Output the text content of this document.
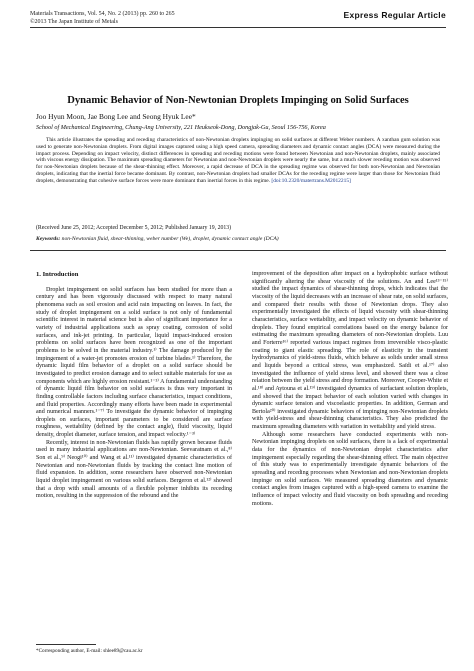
Materials Transactions, Vol. 54, No. 2 (2013) pp. 260 to 265
©2013 The Japan Institute of Metals
Express Regular Article
Dynamic Behavior of Non-Newtonian Droplets Impinging on Solid Surfaces
Joo Hyun Moon, Jae Bong Lee and Seong Hyuk Lee*
School of Mechanical Engineering, Chung-Ang University, 221 Heukseok-Dong, Dongjak-Gu, Seoul 156-756, Korea
This article illustrates the spreading and receding characteristics of non-Newtonian droplets impinging on solid surfaces at different Weber numbers. A xanthan gum solution was used to generate non-Newtonian droplets. From digital images captured using a high speed camera, spreading diameters and dynamic contact angles (DCA) were measured during the impact process. Depending on impact velocity, distinct differences in spreading and receding motions were found between Newtonian and non-Newtonian droplets, mainly associated with viscous energy dissipation. The maximum spreading diameters for Newtonian and non-Newtonian droplets were nearly the same, but a much slower receding motion was observed for non-Newtonian droplets because of the shear-thinning effect. Moreover, a rapid decrease of DCA in the spreading regime was observed for both non-Newtonian and Newtonian droplets, indicating that the inertial force became dominant. By contrast, non-Newtonian droplets had smaller DCAs for the receding regime were larger than those for Newtonian fluid droplets, demonstrating that cohesive surface forces were more dominant than inertial forces in this regime. [doi:10.2320/matertrans.M2012215]
(Received June 25, 2012; Accepted December 5, 2012; Published January 19, 2013)
Keywords: non-Newtonian fluid, shear-thinning, weber number (We), droplet, dynamic contact angle (DCA)
1. Introduction

Droplet impingement on solid surfaces has been studied for more than a century and has been vigorously discussed with respect to many natural phenomena such as soil erosion and acid rain impacting on leaves. In fact, the study of droplet impingement on a solid surface is not only of fundamental scientific interest in material science but is also of significant importance for a variety of industrial applications such as spray coating, corrosion of solid surfaces, and ink-jet printing. In particular, liquid impact-induced erosion problems on solid surfaces have been recognized as one of the important problems to be solved in the material industry.¹⁾ The damage produced by the impingement of a water-jet promotes erosion of turbine blades.¹⁾ Therefore, the dynamic liquid film behavior of a droplet on a solid surface should be investigated to predict erosion damage and to select suitable materials for use as components which are highly erosion resistant.¹⁻³⁾ A fundamental understanding of dynamic liquid film behavior on solid surfaces is thus very important in finding controllable factors including surface characteristics, impact conditions, and fluid properties. Accordingly many efforts have been made in experimental and numerical manners.¹⁻⁷⁾ To investigate the dynamic behavior of impinging droplets on surfaces, important parameters to be considered are surface roughness, wettability (defined by the contact angle), fluid viscosity, liquid density, droplet diameter, surface tension, and impact velocity.¹⁻³⁾

Recently, interest in non-Newtonian fluids has rapidly grown because fluids used in many industrial applications are non-Newtonian. Seevaratnam et al.,⁸⁾ Son et al.,⁹⁾ Neogi¹⁰⁾ and Wang et al.¹¹⁾ investigated dynamic characteristics of Newtonian and non-Newtonian fluids by tracking the contact line motion of fluid expansion. In addition, some researchers have observed non-Newtonian liquid droplet impingement on various solid surfaces. Bergeron et al.¹²⁾ showed that a drop with small amounts of a flexible polymer inhibits its receding motion, resulting in the suppression of the rebound and the

improvement of the deposition after impact on a hydrophobic surface without significantly altering the shear viscosity of the solutions. An and Lee¹³⁻¹⁵⁾ studied the impact dynamics of shear-thinning drops, which indicates that the viscosity of the liquid decreases with an increase of shear rate, on solid surfaces, and compared their results with those of Newtonian drops. They also experimentally investigated the effects of liquid viscosity with shear-thinning characteristics, surface wettability, and impact velocity on dynamic behavior of droplets. They found empirical correlations based on the energy balance for estimating the maximum spreading diameters of non-Newtonian droplets. Luu and Forterre¹⁶⁾ reported various impact regimes from irreversible visco-plastic coating to giant elastic spreading. The role of elasticity in the transient hydrodynamics of yield-stress fluids, which behave as solids under small stress and liquids beyond a critical stress, was emphasized. Saïdi et al.¹⁷⁾ also investigated the influence of yield stress level, and showed there was a close relation between the yield stress and drop formation. Moreover, Cooper-White et al.¹⁸⁾ and Aytouna et al.¹⁹⁾ investigated dynamics of surfactant solution droplets, and showed that the impact behavior of each solution varied with changes in dynamic surface tension and viscoelastic properties. In addition, German and Bertola²⁰⁾ investigated dynamic behaviors of impinging non-Newtonian droplets with yield-stress and shear-thinning characteristics. They also predicted the maximum spreading diameters with variation in wettability and yield stress.

Although some researchers have conducted experiments with non-Newtonian impinging droplets on solid surfaces, there is a lack of experimental data for the dynamics of non-Newtonian droplet characteristics after impingement especially regarding the shear-thinning effect. The main objective of this study was to experimentally investigate dynamic behaviors of the spreading and receding processes when Newtonian and non-Newtonian droplets impinge on solid surfaces. We measured spreading diameters and dynamic contact angles from images captured with a high-speed camera to examine the influence of impact velocity and fluid viscosity on both spreading and receding motions.

*Corresponding author, E-mail: shlee89@cau.ac.kr
